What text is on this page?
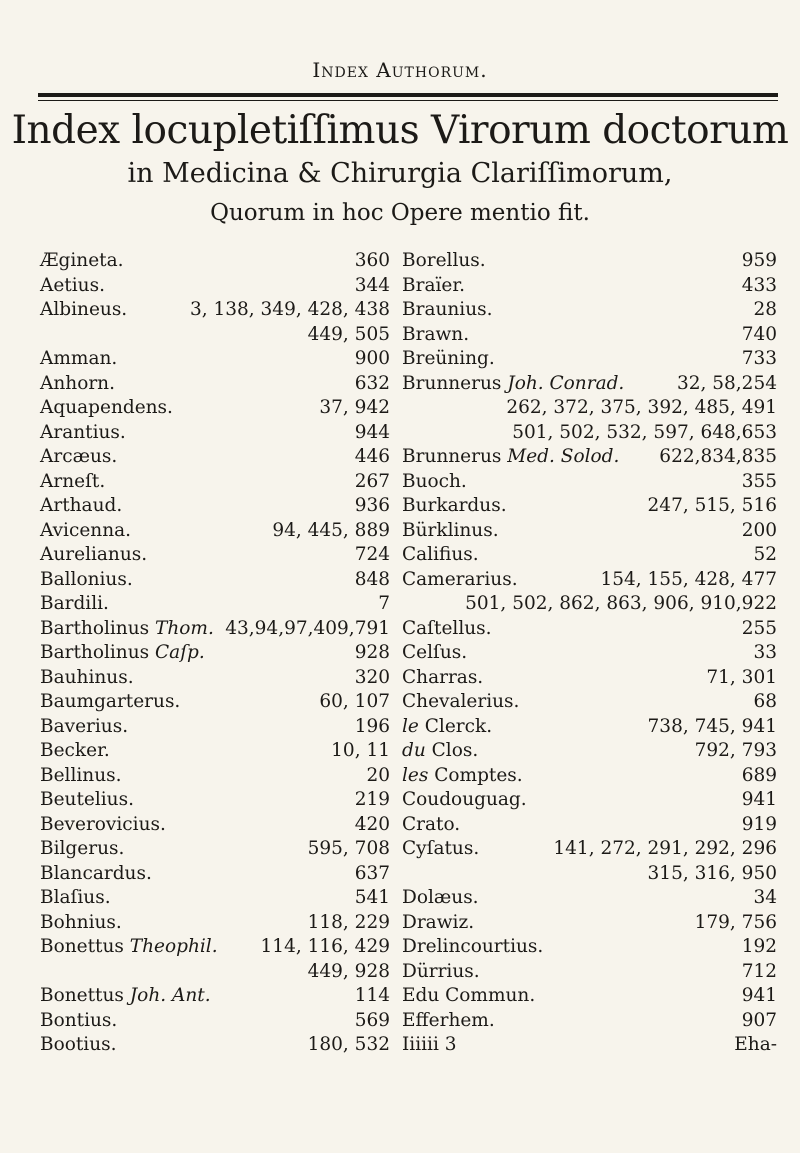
Index Authorum.
Index locupletiſſimus Virorum doctorum
in Medicina & Chirurgia Clariſſimorum,
Quorum in hoc Opere mentio fit.
Ægineta.	360
Aetius.	344
Albineus.	3, 138, 349, 428, 438
449, 505
Amman.	900
Anhorn.	632
Aquapendens.	37, 942
Arantius.	944
Arcæus.	446
Arneſt.	267
Arthaud.	936
Avicenna.	94, 445, 889
Aurelianus.	724
Ballonius.	848
Bardili.	7
Bartholinus Thom. 43,94,97,409,791
Bartholinus Caſp.	928
Bauhinus.	320
Baumgarterus.	60, 107
Baverius.	196
Becker.	10, 11
Bellinus.	20
Beutelius.	219
Beverovicius.	420
Bilgerus.	595, 708
Blancardus.	637
Blaſius.	541
Bohnius.	118, 229
Bonettus Theophil. 114, 116, 429
449, 928
Bonettus Joh. Ant.	114
Bontius.	569
Bootius.	180, 532
Borellus.	959
Braïer.	433
Braunius.	28
Brawn.	740
Breüning.	733
Brunnerus Joh. Conrad.	32, 58,254
262, 372, 375, 392, 485, 491
501, 502, 532, 597, 648,653
Brunnerus Med. Solod. 622,834,835
Buoch.	355
Burkardus.	247, 515, 516
Bürklinus.	200
Califius.	52
Camerarius.	154, 155, 428, 477
501, 502, 862, 863, 906, 910,922
Caſtellus.	255
Celſus.	33
Charras.	71, 301
Chevalerius.	68
le Clerck.	738, 745, 941
du Clos.	792, 793
les Comptes.	689
Coudouguag.	941
Crato.	919
Cyſatus.	141, 272, 291, 292, 296
315, 316, 950
Dolæus.	34
Drawiz.	179, 756
Drelincourtius.	192
Dürrius.	712
Edu Commun.	941
Efferhem.	907
Iiiiii 3	Eha-
